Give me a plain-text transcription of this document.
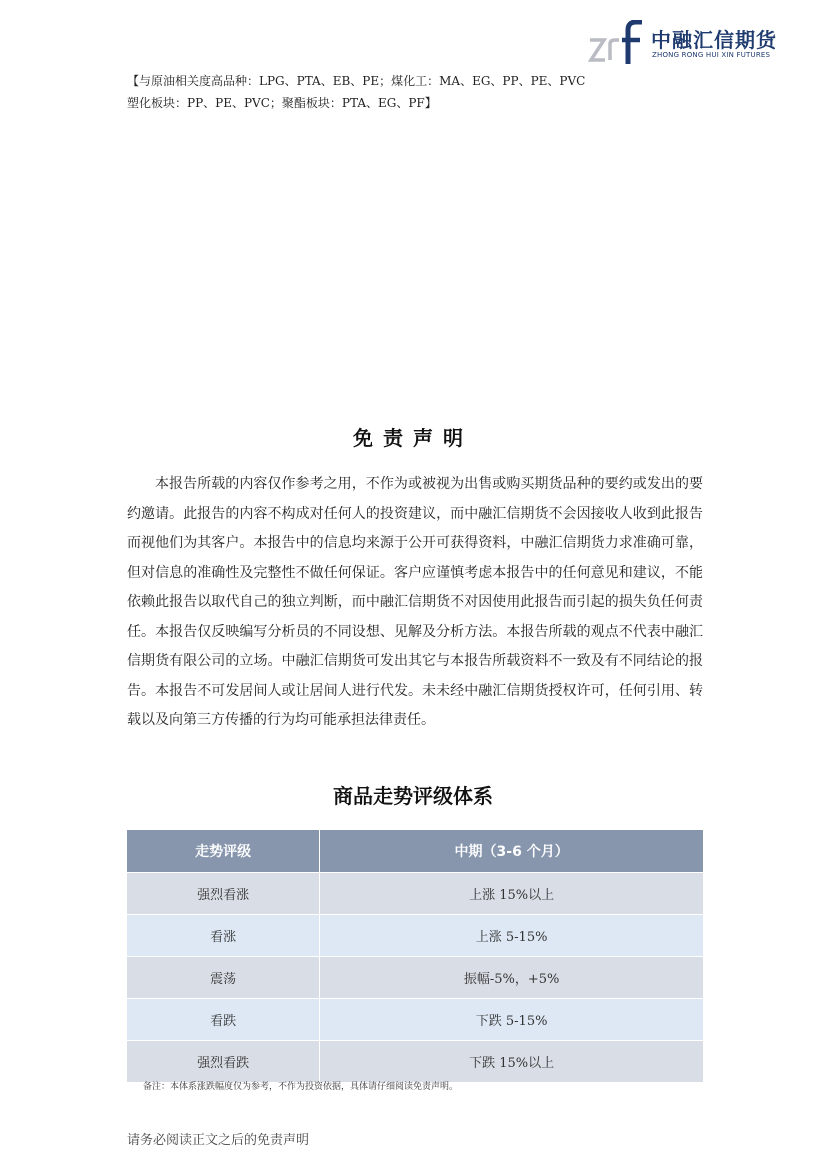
中融汇信期货
ZHONG RONG HUI XIN FUTURES
【与原油相关度高品种：LPG、PTA、EB、PE；煤化工：MA、EG、PP、PE、PVC
塑化板块：PP、PE、PVC；聚酯板块：PTA、EG、PF】
免责声明

本报告所载的内容仅作参考之用，不作为或被视为出售或购买期货品种的要约或发出的要约邀请。此报告的内容不构成对任何人的投资建议，而中融汇信期货不会因接收人收到此报告而视他们为其客户。本报告中的信息均来源于公开可获得资料，中融汇信期货力求准确可靠，但对信息的准确性及完整性不做任何保证。客户应谨慎考虑本报告中的任何意见和建议，不能依赖此报告以取代自己的独立判断，而中融汇信期货不对因使用此报告而引起的损失负任何责任。本报告仅反映编写分析员的不同设想、见解及分析方法。本报告所载的观点不代表中融汇信期货有限公司的立场。中融汇信期货可发出其它与本报告所载资料不一致及有不同结论的报告。本报告不可发居间人或让居间人进行代发。未未经中融汇信期货授权许可，任何引用、转载以及向第三方传播的行为均可能承担法律责任。

商品走势评级体系
走势评级	中期（3-6 个月）
强烈看涨	上涨 15%以上
看涨	上涨 5-15%
震荡	振幅-5%，+5%
看跌	下跌 5-15%
强烈看跌	下跌 15%以上
备注：本体系涨跌幅度仅为参考，不作为投资依据，具体请仔细阅读免责声明。
请务必阅读正文之后的免责声明
